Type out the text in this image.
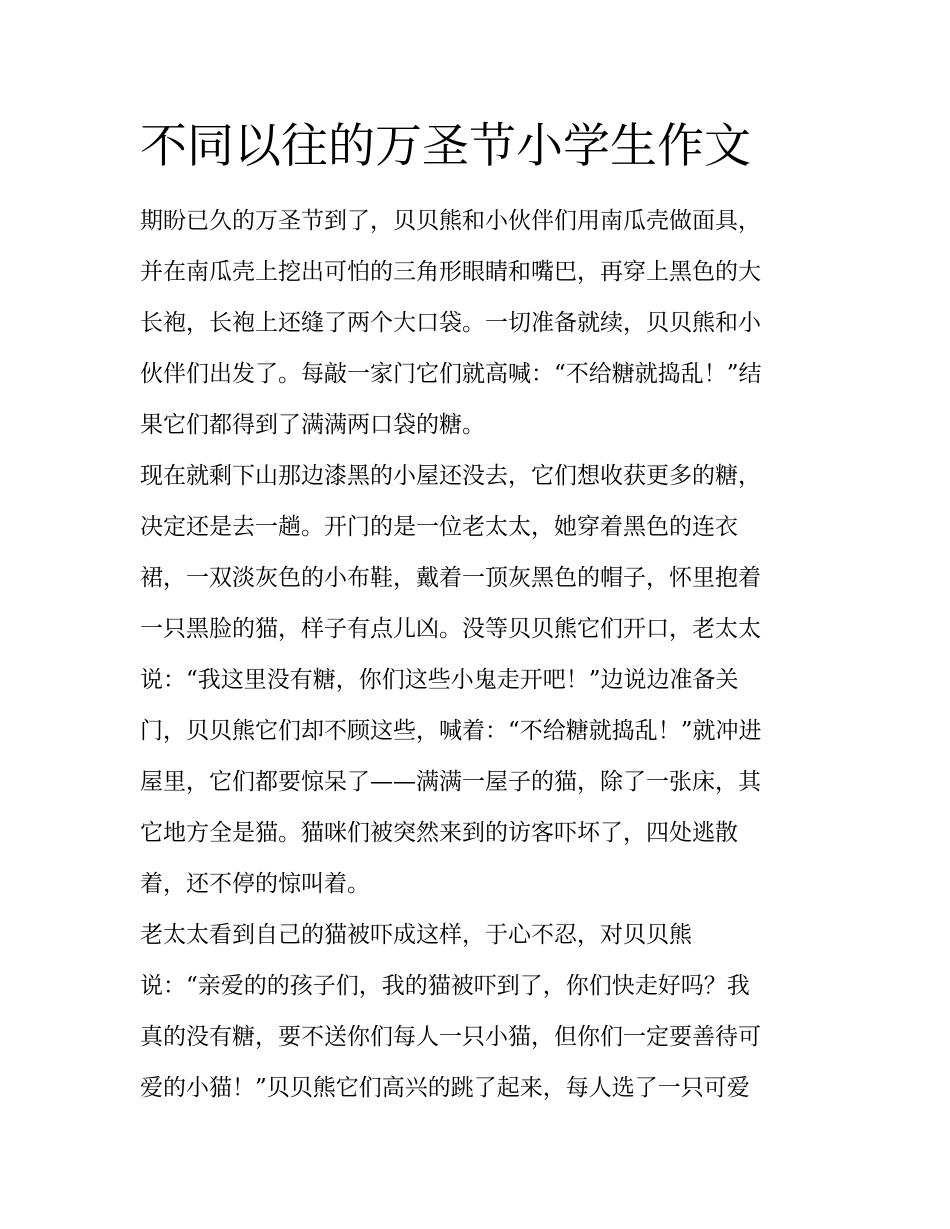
不同以往的万圣节小学生作文
期盼已久的万圣节到了，贝贝熊和小伙伴们用南瓜壳做面具，
并在南瓜壳上挖出可怕的三角形眼睛和嘴巴，再穿上黑色的大
长袍，长袍上还缝了两个大口袋。一切准备就续，贝贝熊和小
伙伴们出发了。每敲一家门它们就高喊：“不给糖就捣乱！”结
果它们都得到了满满两口袋的糖。
现在就剩下山那边漆黑的小屋还没去，它们想收获更多的糖，
决定还是去一趟。开门的是一位老太太，她穿着黑色的连衣
裙，一双淡灰色的小布鞋，戴着一顶灰黑色的帽子，怀里抱着
一只黑脸的猫，样子有点儿凶。没等贝贝熊它们开口，老太太
说：“我这里没有糖，你们这些小鬼走开吧！”边说边准备关
门，贝贝熊它们却不顾这些，喊着：“不给糖就捣乱！”就冲进
屋里，它们都要惊呆了——满满一屋子的猫，除了一张床，其
它地方全是猫。猫咪们被突然来到的访客吓坏了，四处逃散
着，还不停的惊叫着。
老太太看到自己的猫被吓成这样，于心不忍，对贝贝熊
说：“亲爱的的孩子们，我的猫被吓到了，你们快走好吗？我
真的没有糖，要不送你们每人一只小猫，但你们一定要善待可
爱的小猫！”贝贝熊它们高兴的跳了起来，每人选了一只可爱
